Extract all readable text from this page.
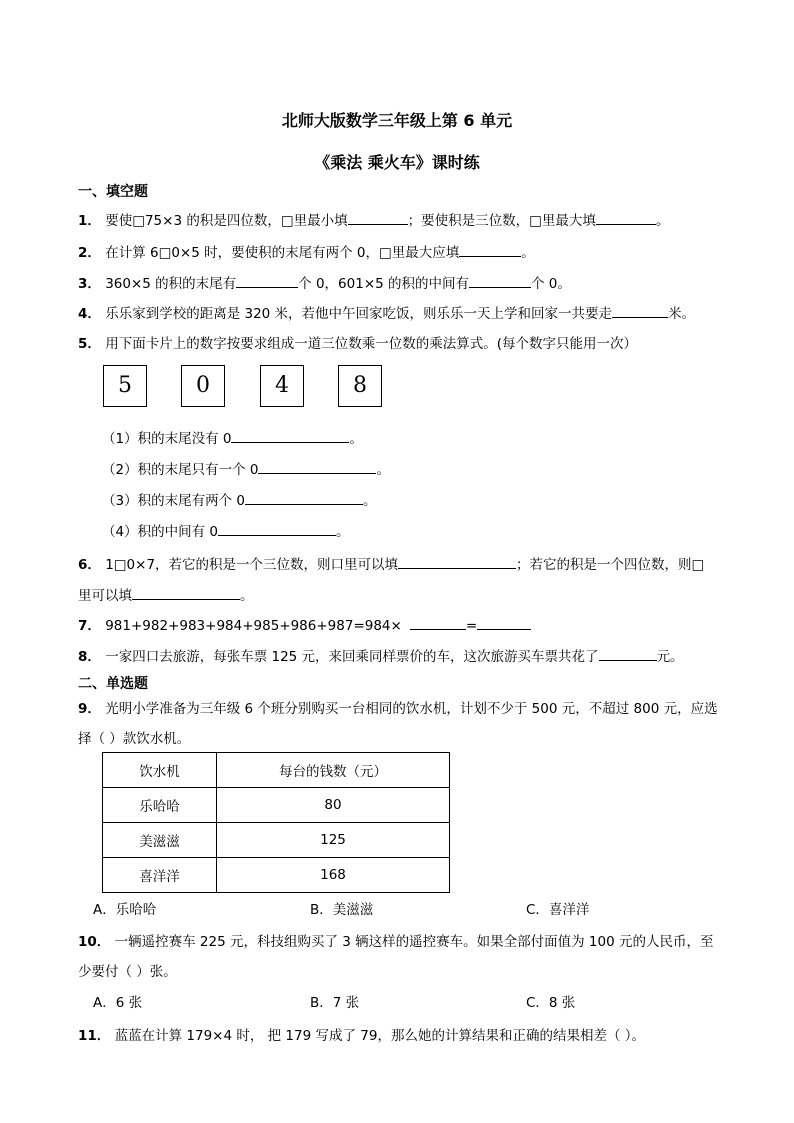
北师大版数学三年级上第 6 单元
《乘法 乘火车》课时练
一、填空题
1． 要使□75×3 的积是四位数，□里最小填	；要使积是三位数，□里最大填	。
2． 在计算 6□0×5 时，要使积的末尾有两个 0，□里最大应填	。
3． 360×5 的积的末尾有	个 0，601×5 的积的中间有	个 0。
4． 乐乐家到学校的距离是 320 米，若他中午回家吃饭，则乐乐一天上学和回家一共要走	米。
5． 用下面卡片上的数字按要求组成一道三位数乘一位数的乘法算式。(每个数字只能用一次）
5	0	4	8
（1）积的末尾没有 0	。
（2）积的末尾只有一个 0	。
（3）积的末尾有两个 0	。
（4）积的中间有 0	。
6． 1□0×7，若它的积是一个三位数，则口里可以填	；若它的积是一个四位数，则□
里可以填	。
7． 981+982+983+984+985+986+987=984×	=
8． 一家四口去旅游，每张车票 125 元，来回乘同样票价的车，这次旅游买车票共花了	元。
二、单选题
9． 光明小学准备为三年级 6 个班分别购买一台相同的饮水机，计划不少于 500 元，不超过 800 元，应选
择（ ）款饮水机。
饮水机	每台的钱数（元）
乐哈哈	80
美滋滋	125
喜洋洋	168
A．乐哈哈	B．美滋滋	C．喜洋洋
10． 一辆遥控赛车 225 元，科技组购买了 3 辆这样的遥控赛车。如果全部付面值为 100 元的人民币，至
少要付（ ）张。
A．6 张	B．7 张	C．8 张
11． 蓝蓝在计算 179×4 时， 把 179 写成了 79，那么她的计算结果和正确的结果相差（ ）。
